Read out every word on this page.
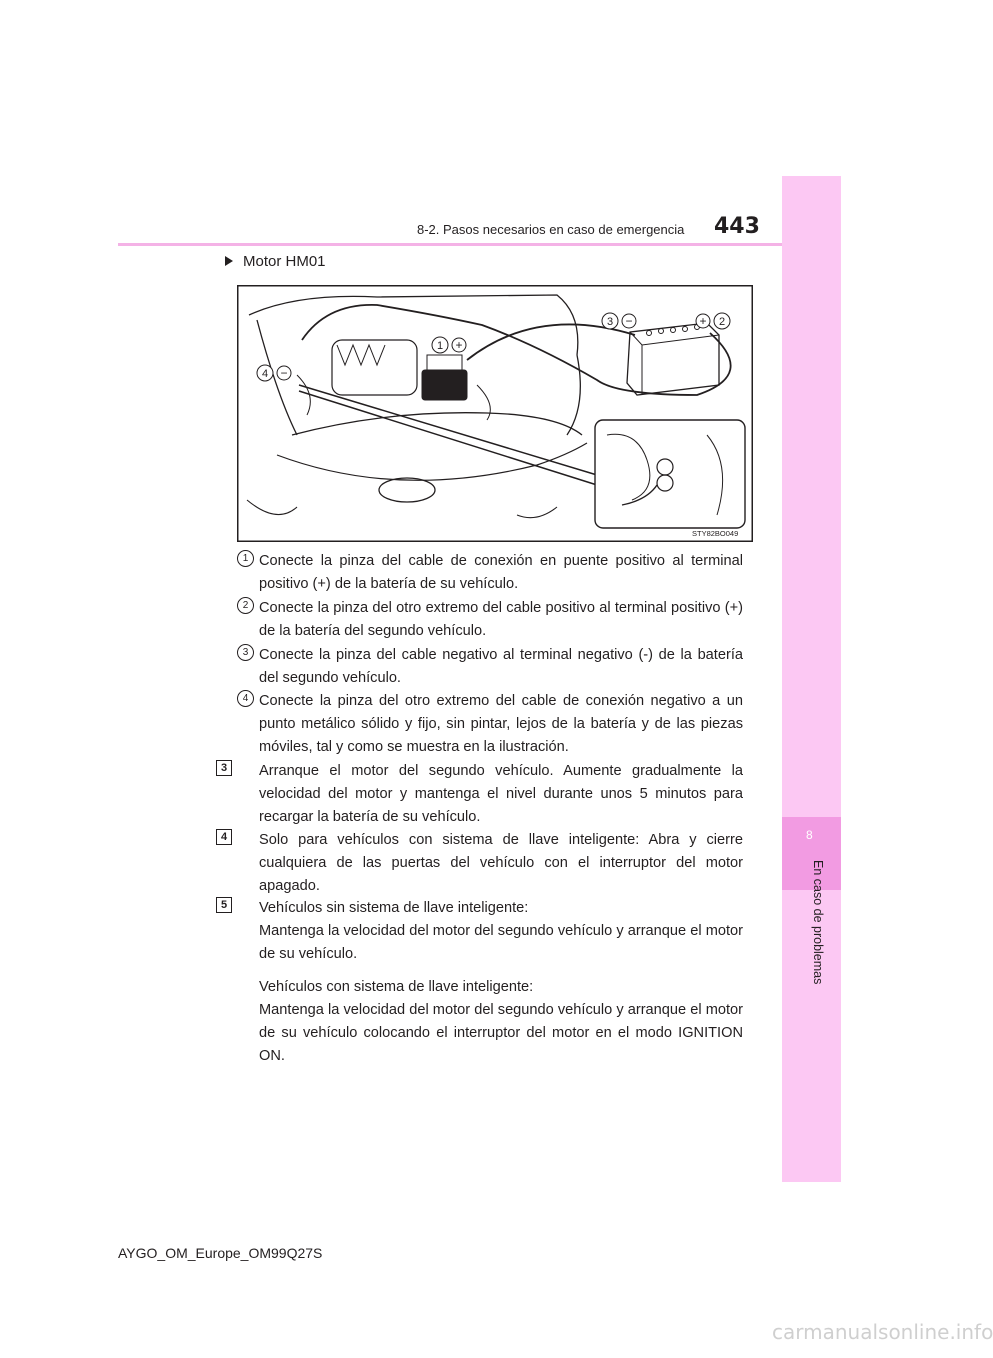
8
En caso de problemas
8-2. Pasos necesarios en caso de emergencia 443
Motor HM01
1 +
2
+
3 −
4 −
STY82BO049
1 Conecte la pinza del cable de conexión en puente positivo al terminal positivo (+) de la batería de su vehículo.
2 Conecte la pinza del otro extremo del cable positivo al terminal positivo (+) de la batería del segundo vehículo.
3 Conecte la pinza del cable negativo al terminal negativo (-) de la batería del segundo vehículo.
4 Conecte la pinza del otro extremo del cable de conexión negativo a un punto metálico sólido y fijo, sin pintar, lejos de la batería y de las piezas móviles, tal y como se muestra en la ilustración.
3	Arranque el motor del segundo vehículo. Aumente gradualmente la velocidad del motor y mantenga el nivel durante unos 5 minutos para recargar la batería de su vehículo.
4	Solo para vehículos con sistema de llave inteligente: Abra y cierre cualquiera de las puertas del vehículo con el interruptor del motor apagado.
5	Vehículos sin sistema de llave inteligente:
Mantenga la velocidad del motor del segundo vehículo y arranque el motor de su vehículo.
Vehículos con sistema de llave inteligente:
Mantenga la velocidad del motor del segundo vehículo y arranque el motor de su vehículo colocando el interruptor del motor en el modo IGNITION ON.
AYGO_OM_Europe_OM99Q27S
carmanualsonline.info
